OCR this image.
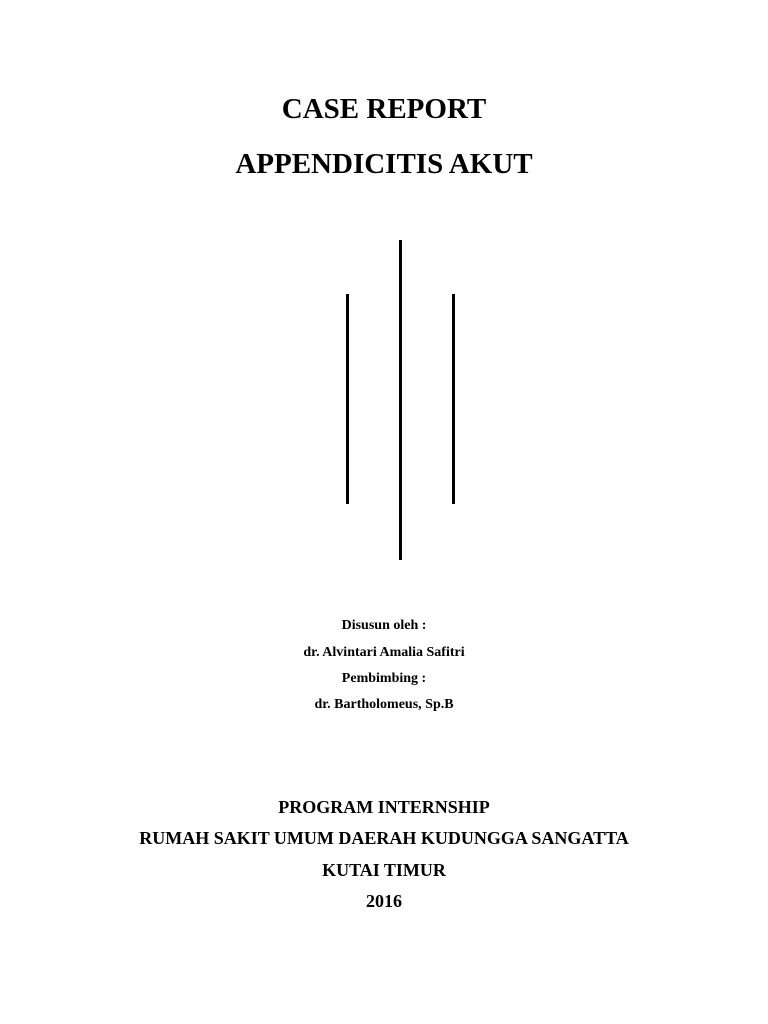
CASE REPORT
APPENDICITIS AKUT
Disusun oleh :
dr. Alvintari Amalia Safitri
Pembimbing :
dr. Bartholomeus, Sp.B
PROGRAM INTERNSHIP
RUMAH SAKIT UMUM DAERAH KUDUNGGA SANGATTA
KUTAI TIMUR
2016
